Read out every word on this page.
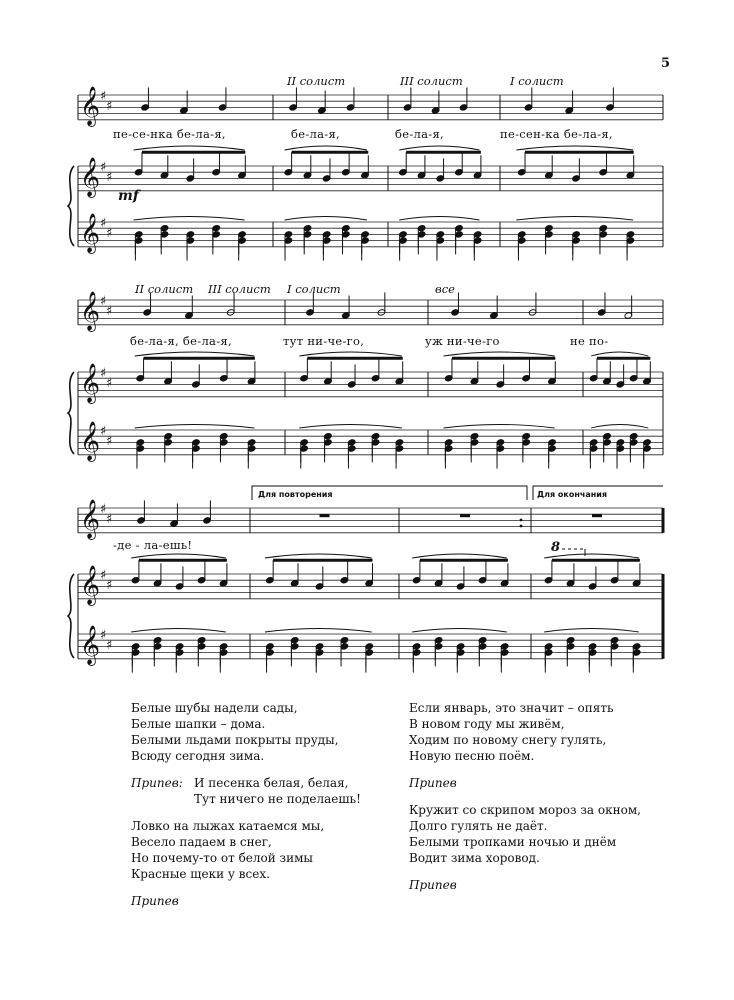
5
𝄞 ♯
♯
𝄞 ♯
♯
𝄞 ♯
♯
𝄞 ♯
♯
𝄞 ♯
♯
𝄞 ♯
♯
𝄞 ♯
♯
𝄞 ♯
♯
𝄞 ♯
♯
II солист	III солист	I солист
пе-се-нка бе-ла-я,	бе-ла-я,	бе-ла-я,	пе-сен-ка бе-ла-я,
mf
II солист III солист I солист	все
бе-ла-я, бе-ла-я,	тут ни-че-го,	уж ни-че-го	не по-
Для повторения	Для окончания
-де - ла-ешь!	8
Белые шубы надели сады,
Белые шапки – дома.
Белыми льдами покрыты пруды,
Всюду сегодня зима.
Припев: И песенка белая, белая,
Тут ничего не поделаешь!
Ловко на лыжах катаемся мы,
Весело падаем в снег,
Но почему-то от белой зимы
Красные щеки у всех.
Припев
Если январь, это значит – опять
В новом году мы живём,
Ходим по новому снегу гулять,
Новую песню поём.
Припев
Кружит со скрипом мороз за окном,
Долго гулять не даёт.
Белыми тропками ночью и днём
Водит зима хоровод.
Припев
